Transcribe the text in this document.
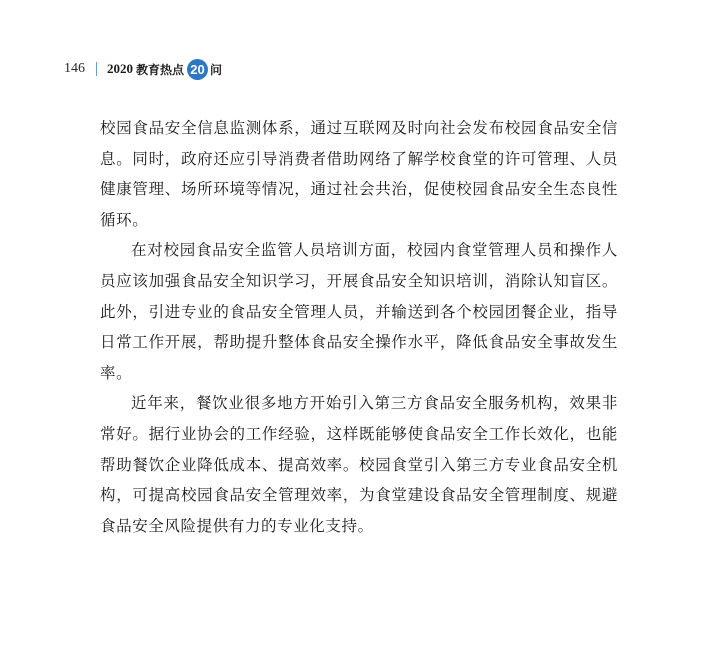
146 2020 教育热点 20 问

校园食品安全信息监测体系，通过互联网及时向社会发布校园食品安全信息。同时，政府还应引导消费者借助网络了解学校食堂的许可管理、人员健康管理、场所环境等情况，通过社会共治，促使校园食品安全生态良性循环。

在对校园食品安全监管人员培训方面，校园内食堂管理人员和操作人员应该加强食品安全知识学习，开展食品安全知识培训，消除认知盲区。此外，引进专业的食品安全管理人员，并输送到各个校园团餐企业，指导日常工作开展，帮助提升整体食品安全操作水平，降低食品安全事故发生率。

近年来，餐饮业很多地方开始引入第三方食品安全服务机构，效果非常好。据行业协会的工作经验，这样既能够使食品安全工作长效化，也能帮助餐饮企业降低成本、提高效率。校园食堂引入第三方专业食品安全机构，可提高校园食品安全管理效率，为食堂建设食品安全管理制度、规避食品安全风险提供有力的专业化支持。
